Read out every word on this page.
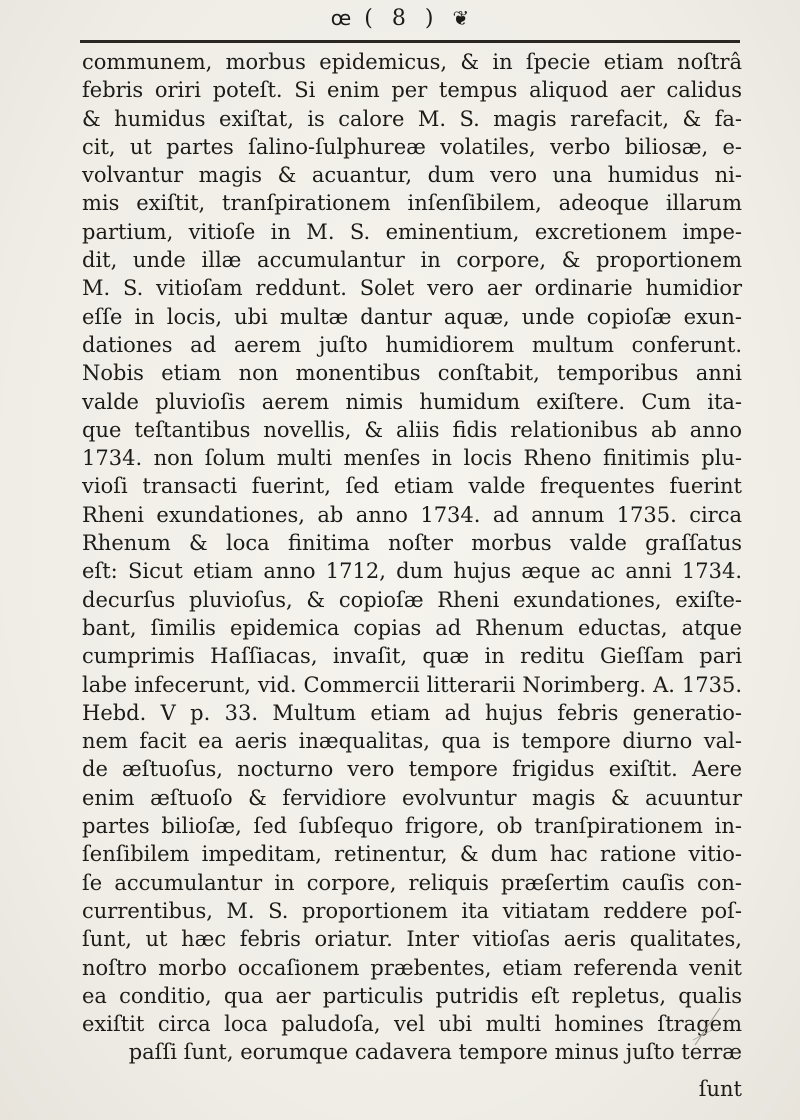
œ ( 8 ) ❦
communem, morbus epidemicus, & in ſpecie etiam noſtrâ
febris oriri poteſt. Si enim per tempus aliquod aer calidus
& humidus exiſtat, is calore M. S. magis rarefacit, & fa-
cit, ut partes ſalino-ſulphureæ volatiles, verbo biliosæ, e-
volvantur magis & acuantur, dum vero una humidus ni-
mis exiſtit, tranſpirationem inſenſibilem, adeoque illarum
partium, vitioſe in M. S. eminentium, excretionem impe-
dit, unde illæ accumulantur in corpore, & proportionem
M. S. vitioſam reddunt. Solet vero aer ordinarie humidior
eſſe in locis, ubi multæ dantur aquæ, unde copioſæ exun-
dationes ad aerem juſto humidiorem multum conferunt.
Nobis etiam non monentibus conſtabit, temporibus anni
valde pluvioſis aerem nimis humidum exiſtere. Cum ita-
que teſtantibus novellis, & aliis fidis relationibus ab anno
1734. non ſolum multi menſes in locis Rheno finitimis plu-
vioſi transacti fuerint, ſed etiam valde frequentes fuerint
Rheni exundationes, ab anno 1734. ad annum 1735. circa
Rhenum & loca finitima noſter morbus valde graſſatus
eſt: Sicut etiam anno 1712, dum hujus æque ac anni 1734.
decurſus pluvioſus, & copioſæ Rheni exundationes, exiſte-
bant, ſimilis epidemica copias ad Rhenum eductas, atque
cumprimis Haſſiacas, invaſit, quæ in reditu Gieſſam pari
labe infecerunt, vid. Commercii litterarii Norimberg. A. 1735.
Hebd. V p. 33. Multum etiam ad hujus febris generatio-
nem facit ea aeris inæqualitas, qua is tempore diurno val-
de æſtuoſus, nocturno vero tempore frigidus exiſtit. Aere
enim æſtuoſo & fervidiore evolvuntur magis & acuuntur
partes bilioſæ, ſed ſubſequo frigore, ob tranſpirationem in-
ſenſibilem impeditam, retinentur, & dum hac ratione vitio-
ſe accumulantur in corpore, reliquis præſertim cauſis con-
currentibus, M. S. proportionem ita vitiatam reddere poſ-
ſunt, ut hæc febris oriatur. Inter vitioſas aeris qualitates,
noſtro morbo occaſionem præbentes, etiam referenda venit
ea conditio, qua aer particulis putridis eſt repletus, qualis
exiſtit circa loca paludoſa, vel ubi multi homines ſtragem
paſſi ſunt, eorumque cadavera tempore minus juſto terræ
ſunt
